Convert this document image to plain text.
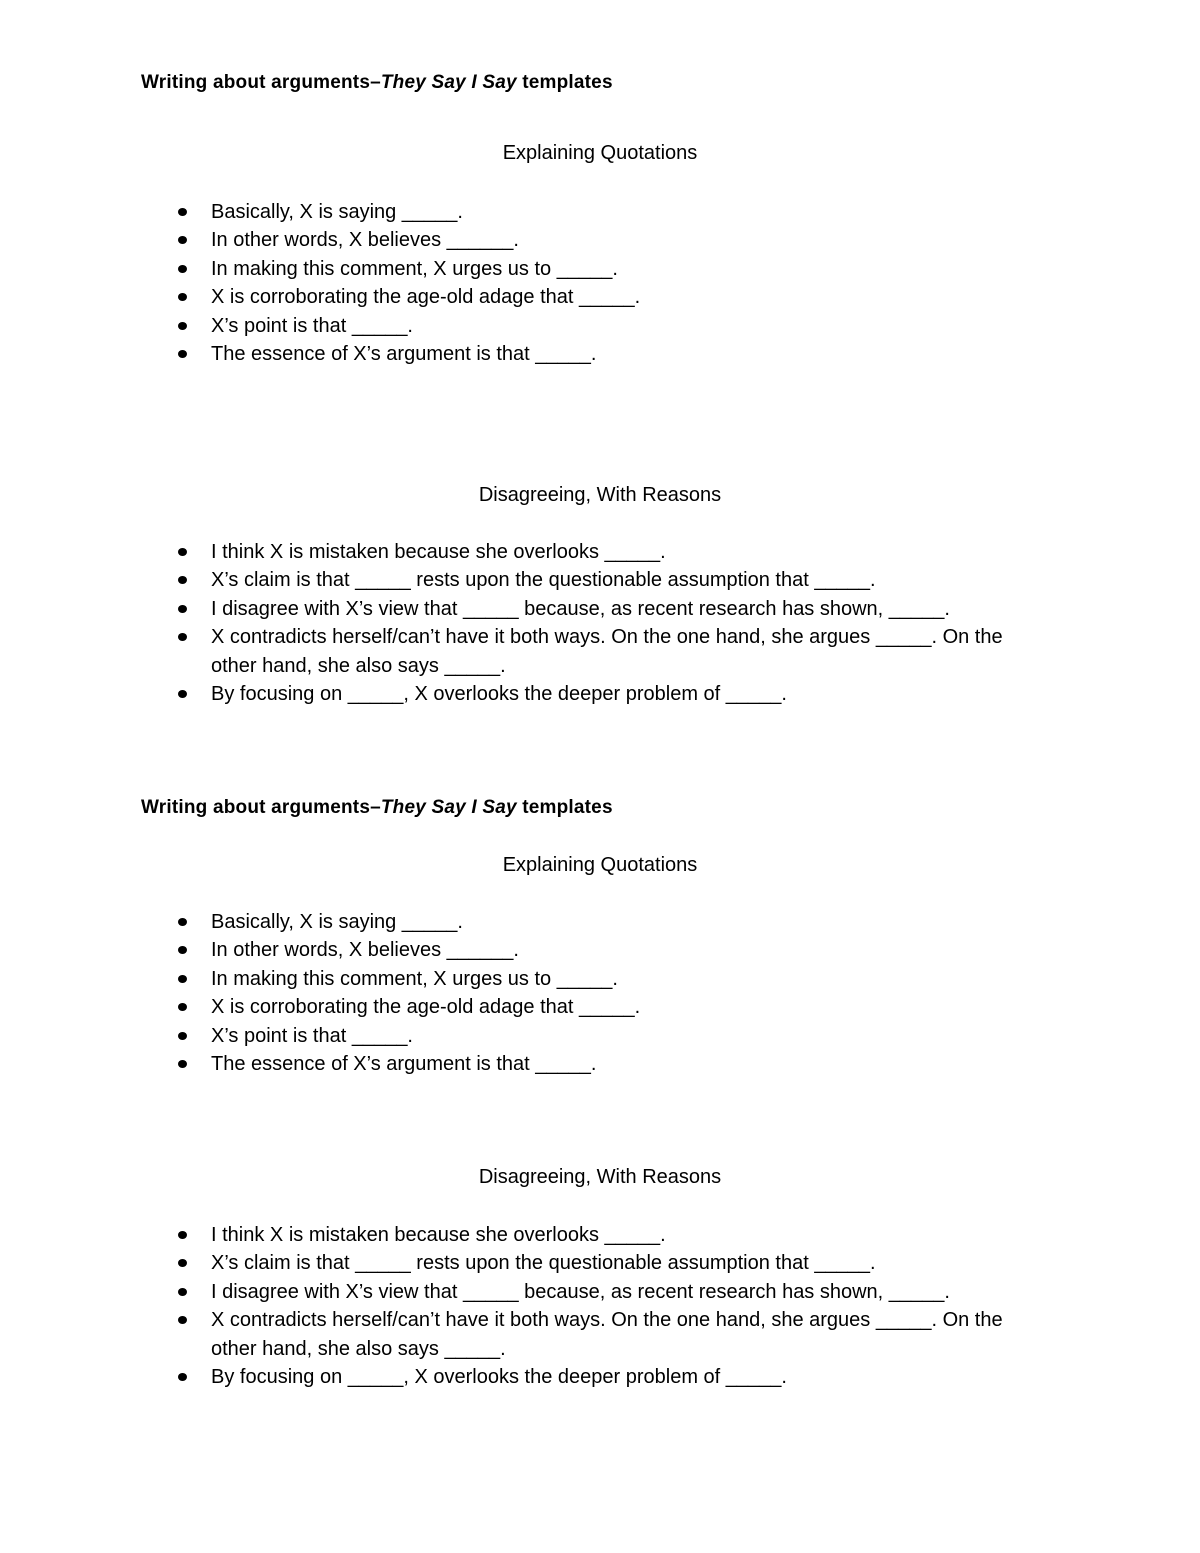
Writing about arguments–They Say I Say templates
Explaining Quotations
Basically, X is saying _____.
In other words, X believes ______.
In making this comment, X urges us to _____.
X is corroborating the age-old adage that _____.
X’s point is that _____.
The essence of X’s argument is that _____.
Disagreeing, With Reasons
I think X is mistaken because she overlooks _____.
X’s claim is that _____ rests upon the questionable assumption that _____.
I disagree with X’s view that _____ because, as recent research has shown, _____.
X contradicts herself/can’t have it both ways. On the one hand, she argues _____. On the other hand, she also says _____.
By focusing on _____, X overlooks the deeper problem of _____.
Writing about arguments–They Say I Say templates
Explaining Quotations
Basically, X is saying _____.
In other words, X believes ______.
In making this comment, X urges us to _____.
X is corroborating the age-old adage that _____.
X’s point is that _____.
The essence of X’s argument is that _____.
Disagreeing, With Reasons
I think X is mistaken because she overlooks _____.
X’s claim is that _____ rests upon the questionable assumption that _____.
I disagree with X’s view that _____ because, as recent research has shown, _____.
X contradicts herself/can’t have it both ways. On the one hand, she argues _____. On the other hand, she also says _____.
By focusing on _____, X overlooks the deeper problem of _____.
